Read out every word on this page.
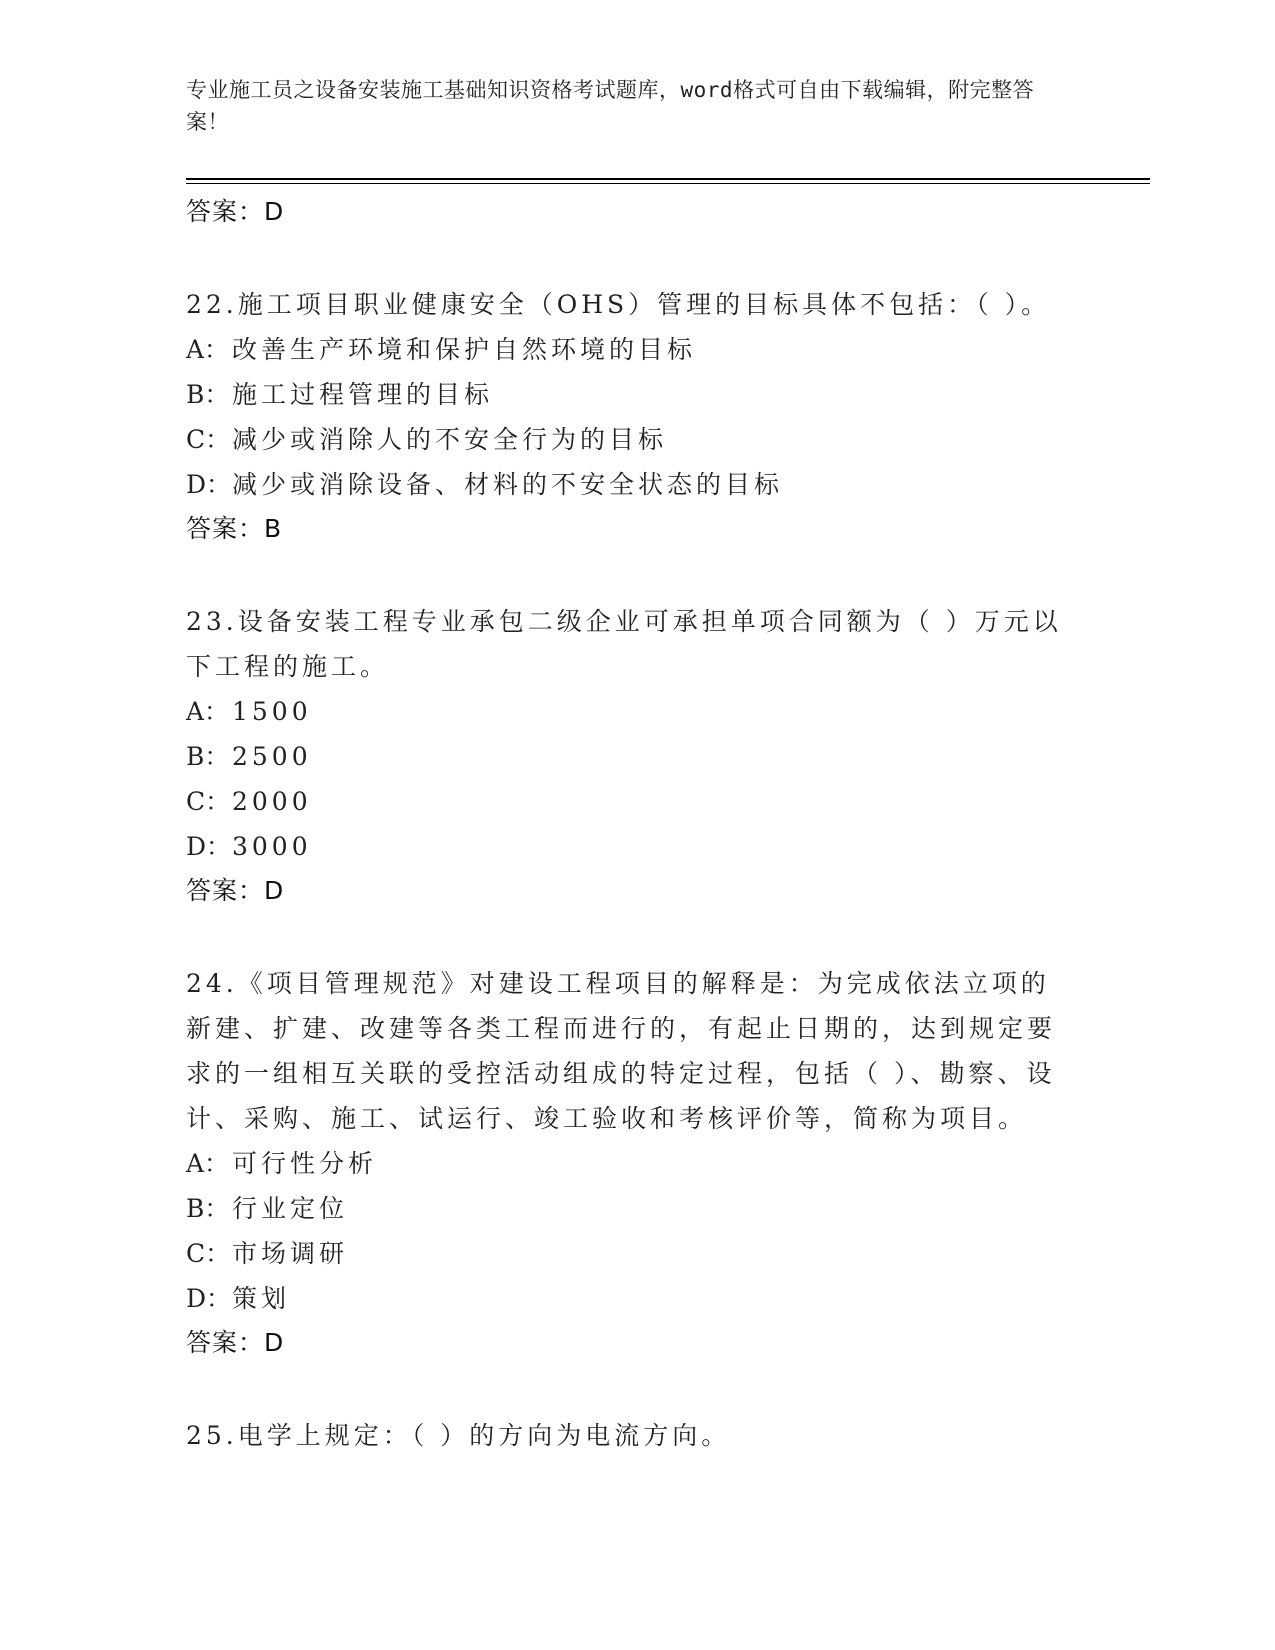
专业施工员之设备安装施工基础知识资格考试题库，word格式可自由下载编辑，附完整答案！
答案：D
22.施工项目职业健康安全（OHS）管理的目标具体不包括：（ ）。
A： 改善生产环境和保护自然环境的目标
B： 施工过程管理的目标
C：减少或消除人的不安全行为的目标
D：减少或消除设备、材料的不安全状态的目标
答案：B
23.设备安装工程专业承包二级企业可承担单项合同额为（ ）万元以下工程的施工。
A： 1500
B： 2500
C：2000
D：3000
答案：D
24.《项目管理规范》对建设工程项目的解释是：为完成依法立项的新建、扩建、改建等各类工程而进行的，有起止日期的，达到规定要求的一组相互关联的受控活动组成的特定过程，包括（ ）、勘察、设计、采购、施工、试运行、竣工验收和考核评价等，简称为项目。
A： 可行性分析
B： 行业定位
C：市场调研
D：策划
答案：D
25.电学上规定：（ ）的方向为电流方向。
